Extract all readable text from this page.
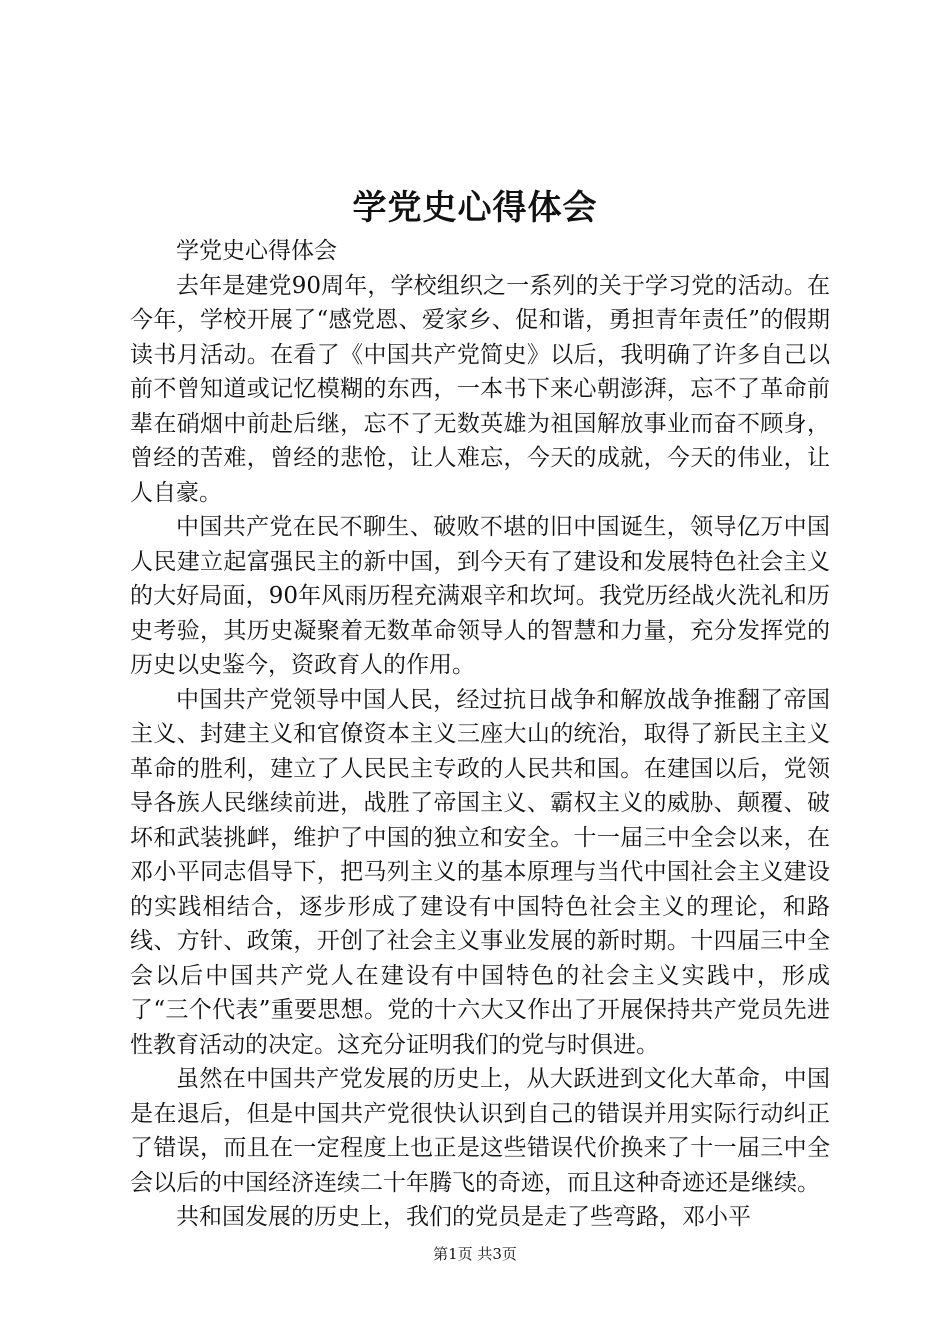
学党史心得体会

学党史心得体会

去年是建党90周年，学校组织之一系列的关于学习党的活动。在今年，学校开展了“感党恩、爱家乡、促和谐，勇担青年责任”的假期读书月活动。在看了《中国共产党简史》以后，我明确了许多自己以前不曾知道或记忆模糊的东西，一本书下来心朝澎湃，忘不了革命前辈在硝烟中前赴后继，忘不了无数英雄为祖国解放事业而奋不顾身，曾经的苦难，曾经的悲怆，让人难忘，今天的成就，今天的伟业，让人自豪。

中国共产党在民不聊生、破败不堪的旧中国诞生，领导亿万中国人民建立起富强民主的新中国，到今天有了建设和发展特色社会主义的大好局面，90年风雨历程充满艰辛和坎坷。我党历经战火洗礼和历史考验，其历史凝聚着无数革命领导人的智慧和力量，充分发挥党的历史以史鉴今，资政育人的作用。

中国共产党领导中国人民，经过抗日战争和解放战争推翻了帝国主义、封建主义和官僚资本主义三座大山的统治，取得了新民主主义革命的胜利，建立了人民民主专政的人民共和国。在建国以后，党领导各族人民继续前进，战胜了帝国主义、霸权主义的威胁、颠覆、破坏和武装挑衅，维护了中国的独立和安全。十一届三中全会以来，在邓小平同志倡导下，把马列主义的基本原理与当代中国社会主义建设的实践相结合，逐步形成了建设有中国特色社会主义的理论，和路线、方针、政策，开创了社会主义事业发展的新时期。十四届三中全会以后中国共产党人在建设有中国特色的社会主义实践中，形成了“三个代表”重要思想。党的十六大又作出了开展保持共产党员先进性教育活动的决定。这充分证明我们的党与时俱进。

虽然在中国共产党发展的历史上，从大跃进到文化大革命，中国是在退后，但是中国共产党很快认识到自己的错误并用实际行动纠正了错误，而且在一定程度上也正是这些错误代价换来了十一届三中全会以后的中国经济连续二十年腾飞的奇迹，而且这种奇迹还是继续。

共和国发展的历史上，我们的党员是走了些弯路，邓小平

第1页 共3页
